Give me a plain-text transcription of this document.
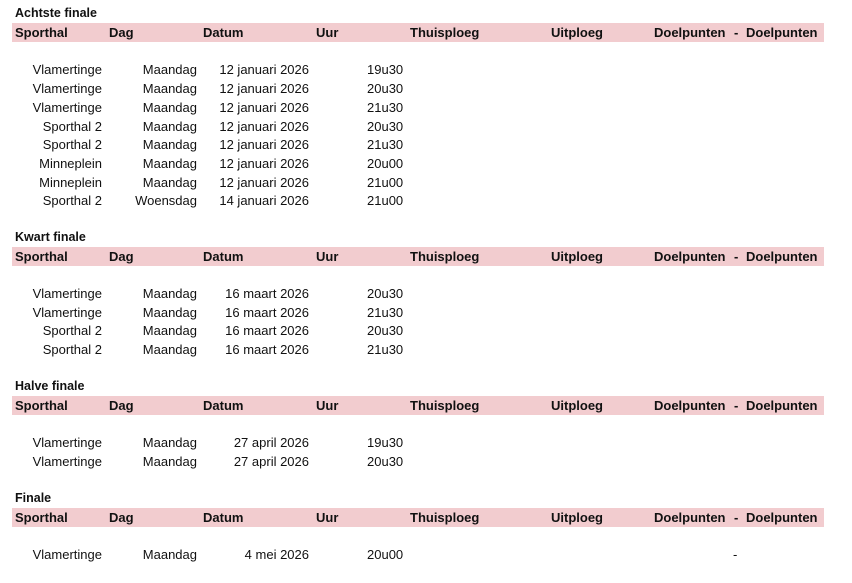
Achtste finale
Sporthal	Dag	Datum	Uur	Thuisploeg	Uitploeg	Doelpunten - Doelpunten
Vlamertinge	Maandag 12 januari 2026	19u30
Vlamertinge	Maandag 12 januari 2026	20u30
Vlamertinge	Maandag 12 januari 2026	21u30
Sporthal 2	Maandag 12 januari 2026	20u30
Sporthal 2	Maandag 12 januari 2026	21u30
Minneplein	Maandag 12 januari 2026	20u00
Minneplein	Maandag 12 januari 2026	21u00
Sporthal 2	Woensdag 14 januari 2026	21u00
Kwart finale
Sporthal	Dag	Datum	Uur	Thuisploeg	Uitploeg	Doelpunten - Doelpunten
Vlamertinge	Maandag 16 maart 2026	20u30
Vlamertinge	Maandag 16 maart 2026	21u30
Sporthal 2	Maandag 16 maart 2026	20u30
Sporthal 2	Maandag 16 maart 2026	21u30
Halve finale
Sporthal	Dag	Datum	Uur	Thuisploeg	Uitploeg	Doelpunten - Doelpunten
Vlamertinge	Maandag	27 april 2026	19u30
Vlamertinge	Maandag	27 april 2026	20u30
Finale
Sporthal	Dag	Datum	Uur	Thuisploeg	Uitploeg	Doelpunten - Doelpunten
Vlamertinge	Maandag	4 mei 2026	20u00	-
